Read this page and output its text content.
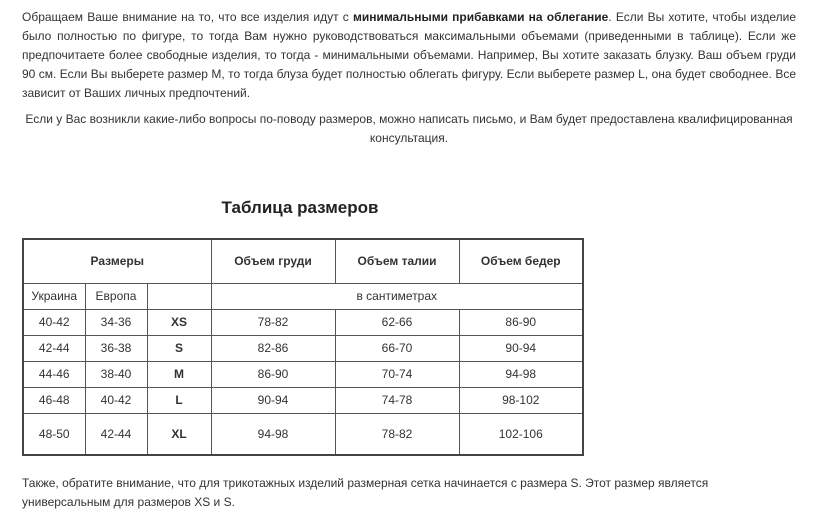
Обращаем Ваше внимание на то, что все изделия идут с минимальными прибавками на облегание. Если Вы хотите, чтобы изделие было полностью по фигуре, то тогда Вам нужно руководствоваться максимальными объемами (приведенными в таблице). Если же предпочитаете более свободные изделия, то тогда - минимальными объемами. Например, Вы хотите заказать блузку. Ваш объем груди 90 см. Если Вы выберете размер М, то тогда блуза будет полностью облегать фигуру. Если выберете размер L, она будет свободнее. Все зависит от Ваших личных предпочтений.

Если у Вас возникли какие-либо вопросы по-поводу размеров, можно написать письмо, и Вам будет предоставлена квалифицированная консультация.

Таблица размеров
Размеры			Объем груди	Объем талии	Объем бедер
Украина	Европа		в сантиметрах		
40-42	34-36	XS	78-82	62-66	86-90
42-44	36-38	S	82-86	66-70	90-94
44-46	38-40	M	86-90	70-74	94-98
46-48	40-42	L	90-94	74-78	98-102
48-50	42-44	XL	94-98	78-82	102-106

Также, обратите внимание, что для трикотажных изделий размерная сетка начинается с размера S. Этот размер является универсальным для размеров XS и S.
